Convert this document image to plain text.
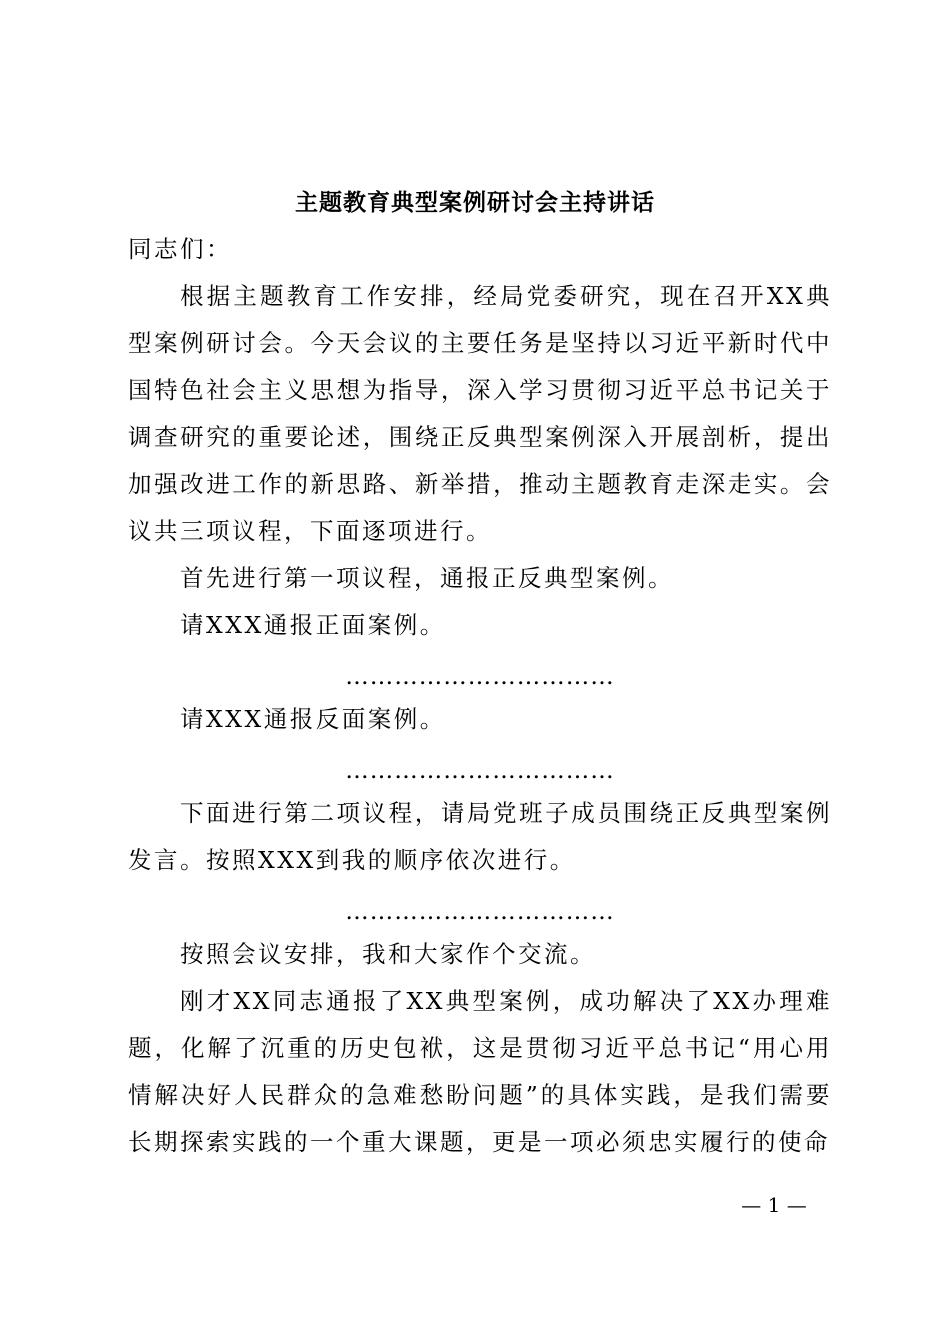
主题教育典型案例研讨会主持讲话

同志们：

根据主题教育工作安排，经局党委研究，现在召开XX典型案例研讨会。今天会议的主要任务是坚持以习近平新时代中国特色社会主义思想为指导，深入学习贯彻习近平总书记关于调查研究的重要论述，围绕正反典型案例深入开展剖析，提出加强改进工作的新思路、新举措，推动主题教育走深走实。会议共三项议程，下面逐项进行。

首先进行第一项议程，通报正反典型案例。

请XXX通报正面案例。

……………………………

请XXX通报反面案例。

……………………………

下面进行第二项议程，请局党班子成员围绕正反典型案例发言。按照XXX到我的顺序依次进行。

……………………………

按照会议安排，我和大家作个交流。

刚才XX同志通报了XX典型案例，成功解决了XX办理难题，化解了沉重的历史包袱，这是贯彻习近平总书记“用心用情解决好人民群众的急难愁盼问题”的具体实践，是我们需要长期探索实践的一个重大课题，更是一项必须忠实履行的使命

— 1 —
